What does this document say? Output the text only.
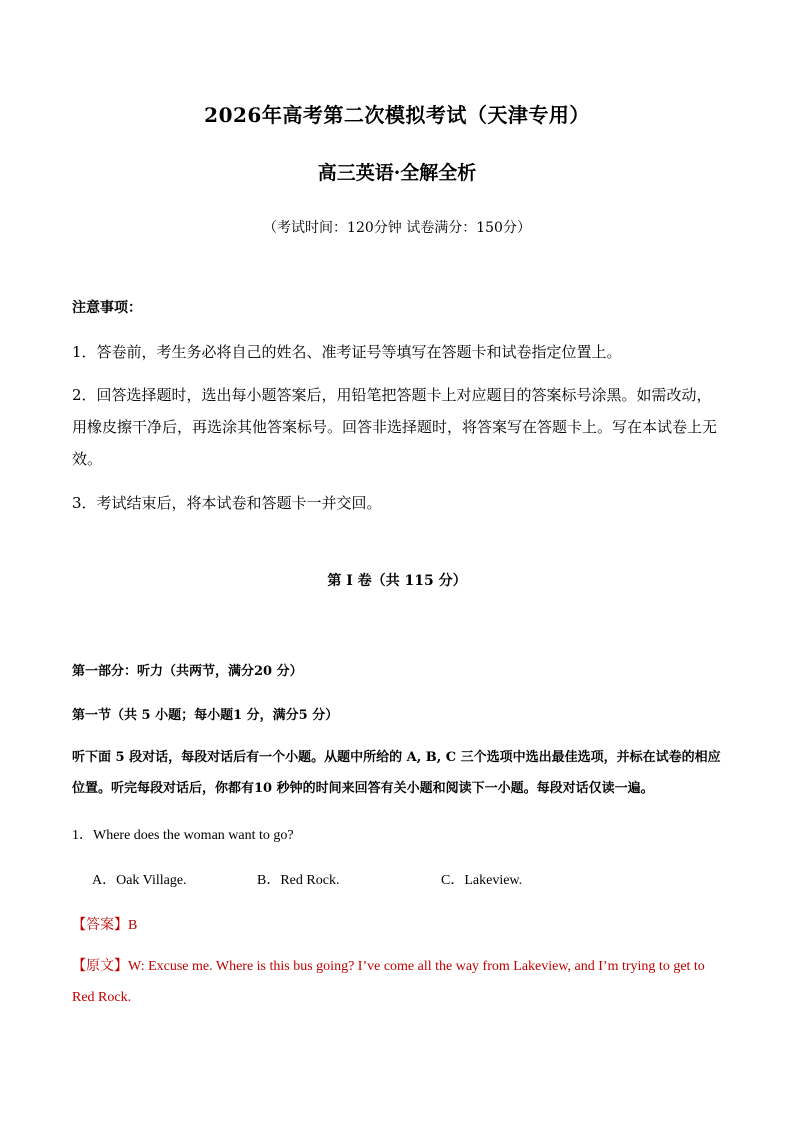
2026年高考第二次模拟考试（天津专用）
高三英语·全解全析
（考试时间：120分钟 试卷满分：150分）
注意事项：
1．答卷前，考生务必将自己的姓名、准考证号等填写在答题卡和试卷指定位置上。
2．回答选择题时，选出每小题答案后，用铅笔把答题卡上对应题目的答案标号涂黑。如需改动，用橡皮擦干净后，再选涂其他答案标号。回答非选择题时，将答案写在答题卡上。写在本试卷上无效。
3．考试结束后，将本试卷和答题卡一并交回。
第 Ⅰ 卷（共 115 分）
第一部分：听力（共两节，满分20 分）
第一节（共 5 小题；每小题1 分，满分5 分）
听下面 5 段对话，每段对话后有一个小题。从题中所给的 A, B, C 三个选项中选出最佳选项，并标在试卷的相应位置。听完每段对话后，你都有10 秒钟的时间来回答有关小题和阅读下一小题。每段对话仅读一遍。
1．Where does the woman want to go?
A．Oak Village.	B．Red Rock.	C．Lakeview.
【答案】B
【原文】W: Excuse me. Where is this bus going? I’ve come all the way from Lakeview, and I’m trying to get to Red Rock.
